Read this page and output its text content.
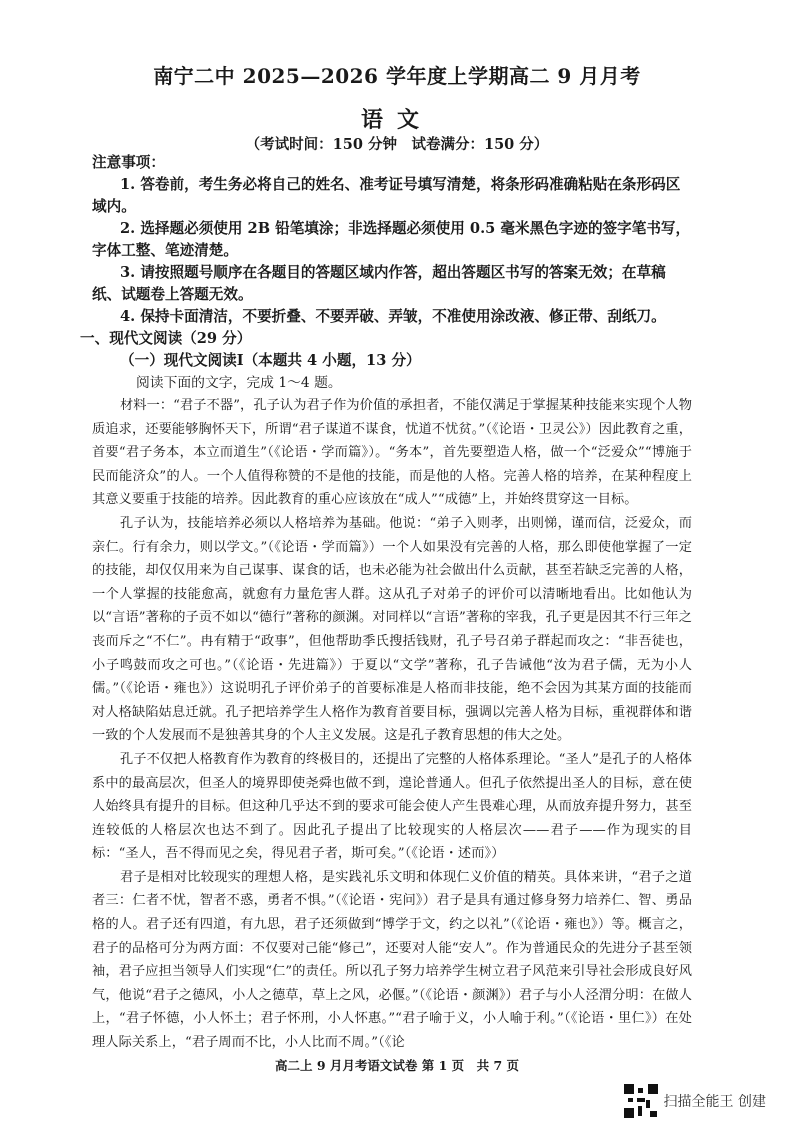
南宁二中 2025—2026 学年度上学期高二 9 月月考
语文
（考试时间：150 分钟　试卷满分：150 分）
注意事项：

1. 答卷前，考生务必将自己的姓名、准考证号填写清楚，将条形码准确粘贴在条形码区域内。

2. 选择题必须使用 2B 铅笔填涂；非选择题必须使用 0.5 毫米黑色字迹的签字笔书写，字体工整、笔迹清楚。

3. 请按照题号顺序在各题目的答题区域内作答，超出答题区书写的答案无效；在草稿纸、试题卷上答题无效。

4. 保持卡面清洁，不要折叠、不要弄破、弄皱，不准使用涂改液、修正带、刮纸刀。

一、现代文阅读（29 分）

（一）现代文阅读Ⅰ（本题共 4 小题，13 分）

阅读下面的文字，完成 1～4 题。

材料一：“君子不器”，孔子认为君子作为价值的承担者，不能仅满足于掌握某种技能来实现个人物质追求，还要能够胸怀天下，所谓“君子谋道不谋食，忧道不忧贫。”（《论语・卫灵公》）因此教育之重，首要“君子务本，本立而道生”（《论语・学而篇》）。“务本”，首先要塑造人格，做一个“泛爱众”“博施于民而能济众”的人。一个人值得称赞的不是他的技能，而是他的人格。完善人格的培养，在某种程度上其意义要重于技能的培养。因此教育的重心应该放在“成人”“成德”上，并始终贯穿这一目标。

孔子认为，技能培养必须以人格培养为基础。他说：“弟子入则孝，出则悌，谨而信，泛爱众，而亲仁。行有余力，则以学文。”（《论语・学而篇》）一个人如果没有完善的人格，那么即使他掌握了一定的技能，却仅仅用来为自己谋事、谋食的话，也未必能为社会做出什么贡献，甚至若缺乏完善的人格，一个人掌握的技能愈高，就愈有力量危害人群。这从孔子对弟子的评价可以清晰地看出。比如他认为以“言语”著称的子贡不如以“德行”著称的颜渊。对同样以“言语”著称的宰我，孔子更是因其不行三年之丧而斥之“不仁”。冉有精于“政事”，但他帮助季氏搜括钱财，孔子号召弟子群起而攻之：“非吾徒也，小子鸣鼓而攻之可也。”（《论语・先进篇》）于夏以“文学”著称，孔子告诫他“汝为君子儒，无为小人儒。”（《论语・雍也》）这说明孔子评价弟子的首要标准是人格而非技能，绝不会因为其某方面的技能而对人格缺陷姑息迁就。孔子把培养学生人格作为教育首要目标，强调以完善人格为目标，重视群体和谐一致的个人发展而不是独善其身的个人主义发展。这是孔子教育思想的伟大之处。

孔子不仅把人格教育作为教育的终极目的，还提出了完整的人格体系理论。“圣人”是孔子的人格体系中的最高层次，但圣人的境界即使尧舜也做不到，遑论普通人。但孔子依然提出圣人的目标，意在使人始终具有提升的目标。但这种几乎达不到的要求可能会使人产生畏难心理，从而放弃提升努力，甚至连较低的人格层次也达不到了。因此孔子提出了比较现实的人格层次——君子——作为现实的目标：“圣人，吾不得而见之矣，得见君子者，斯可矣。”（《论语・述而》）

君子是相对比较现实的理想人格，是实践礼乐文明和体现仁义价值的精英。具体来讲，“君子之道者三：仁者不忧，智者不惑，勇者不惧。”（《论语・宪问》）君子是具有通过修身努力培养仁、智、勇品格的人。君子还有四道，有九思，君子还须做到“博学于文，约之以礼”（《论语・雍也》）等。概言之，君子的品格可分为两方面：不仅要对己能“修己”，还要对人能“安人”。作为普通民众的先进分子甚至领袖，君子应担当领导人们实现“仁”的责任。所以孔子努力培养学生树立君子风范来引导社会形成良好风气，他说“君子之德风，小人之德草，草上之风，必偃。”（《论语・颜渊》）君子与小人泾渭分明：在做人上，“君子怀德，小人怀土；君子怀刑，小人怀惠。”“君子喻于义，小人喻于利。”（《论语・里仁》）在处理人际关系上，“君子周而不比，小人比而不周。”（《论

高二上 9 月月考语文试卷 第 1 页　共 7 页
扫描全能王 创建
